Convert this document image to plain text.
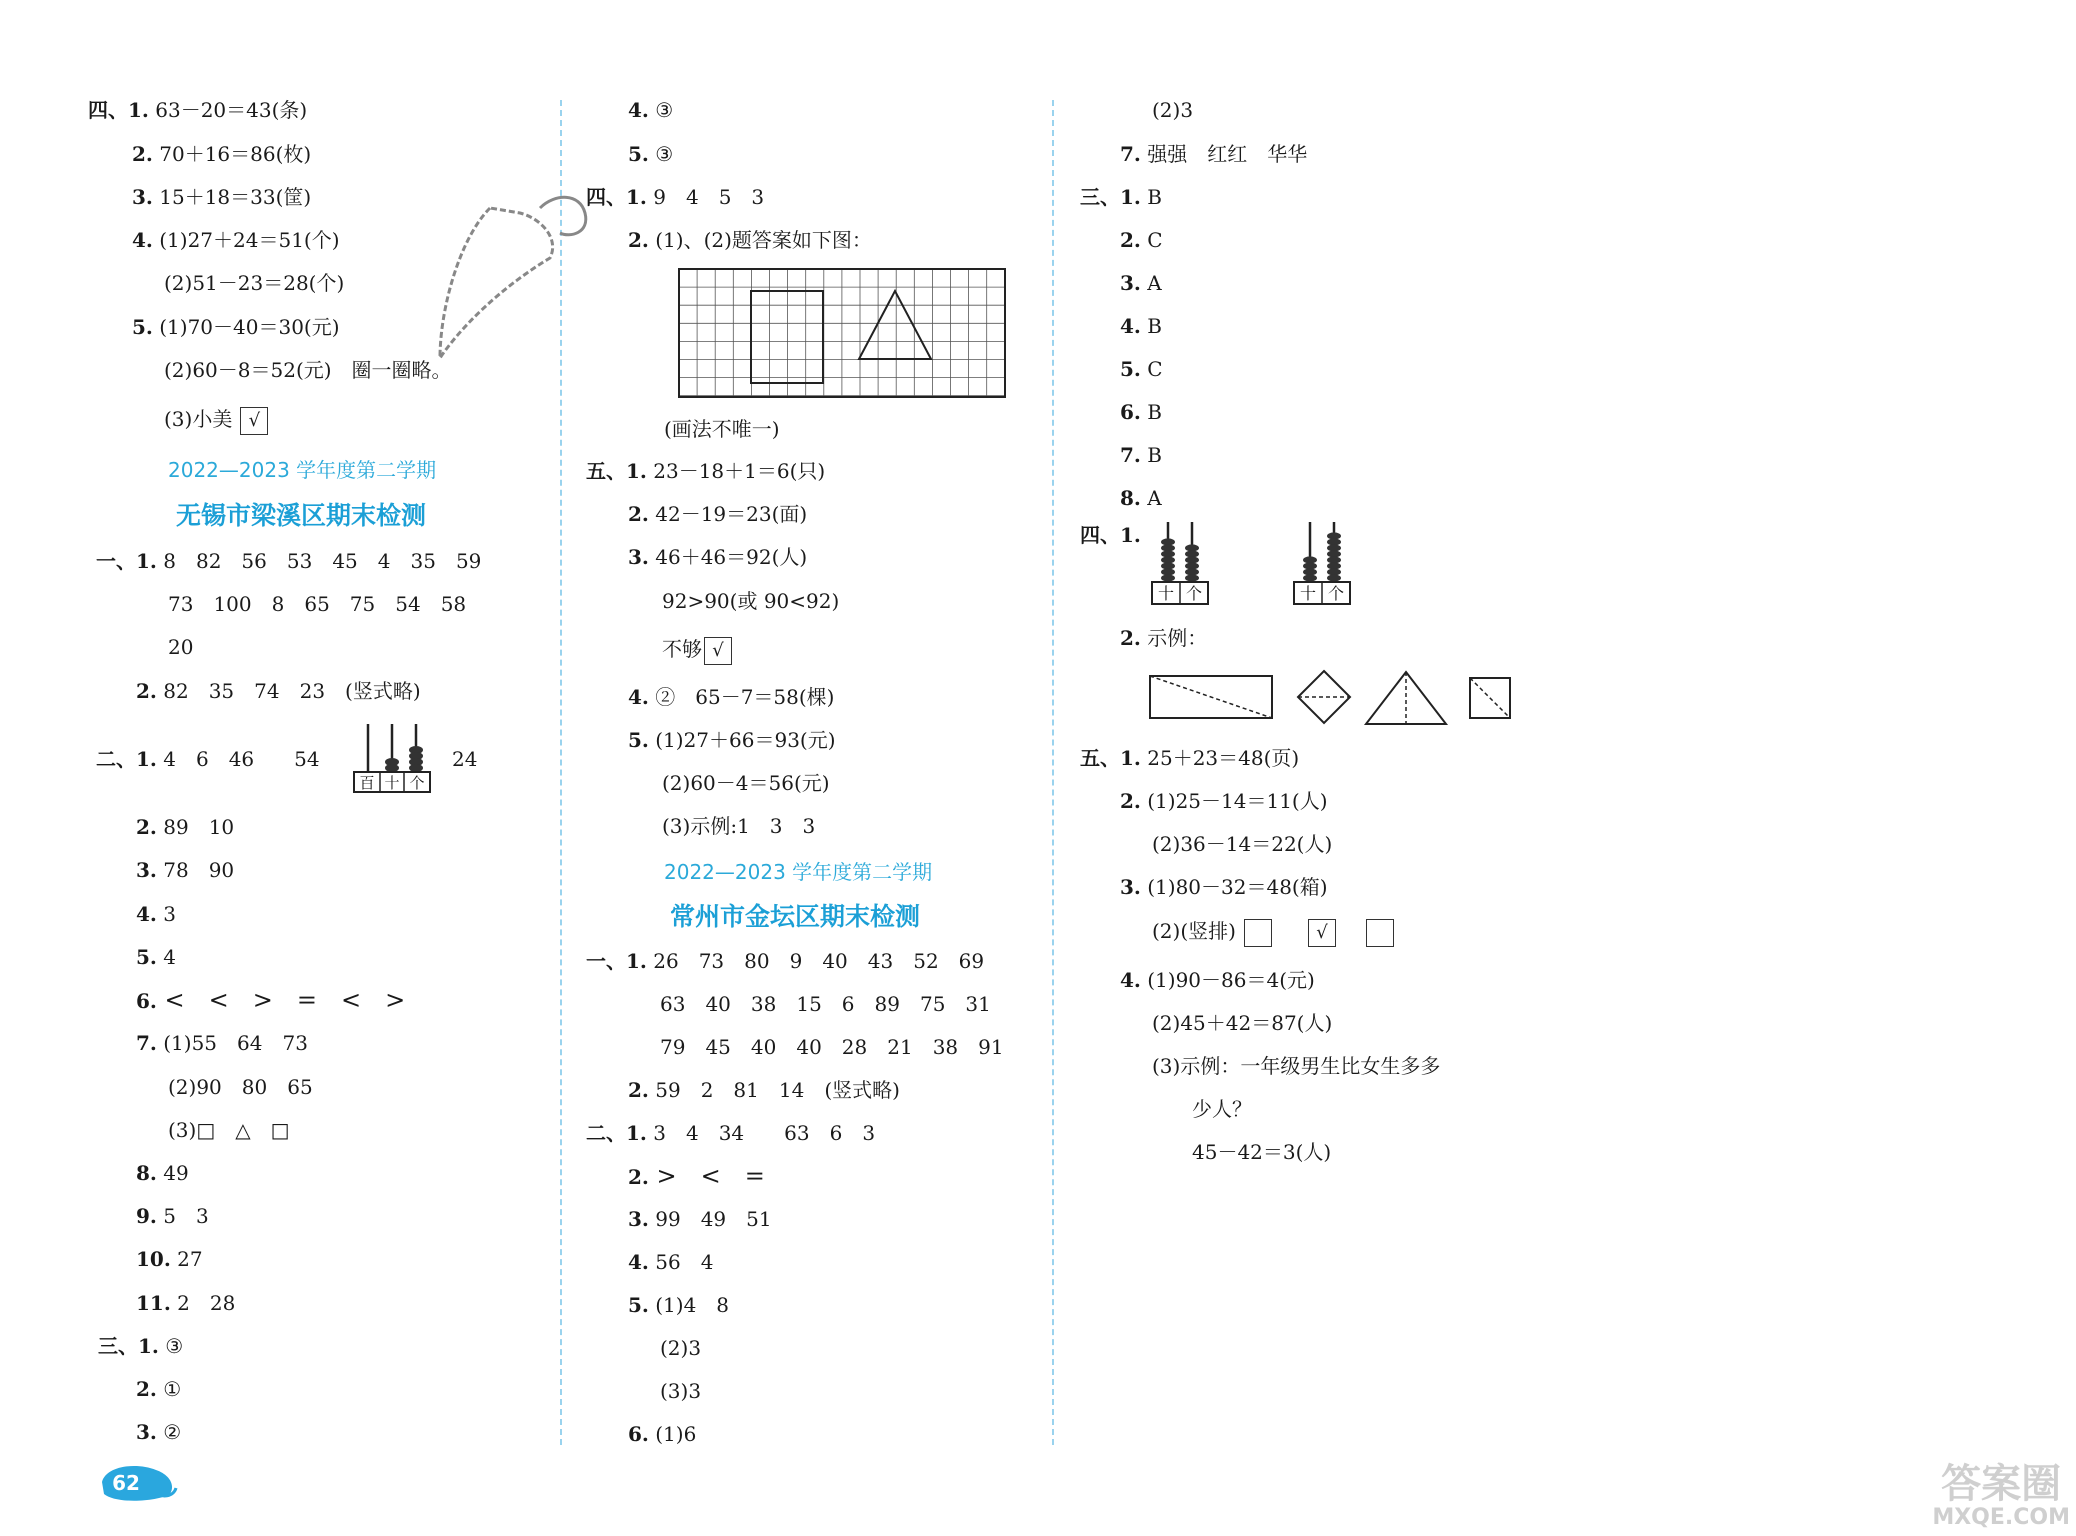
四、1. 63－20＝43(条)
2. 70＋16＝86(枚)
3. 15＋18＝33(筐)
4. (1)27＋24＝51(个)
(2)51－23＝28(个)
5. (1)70－40＝30(元)
(2)60－8＝52(元)　圈一圈略。
(3)小美 √
2022—2023 学年度第二学期
无锡市梁溪区期末检测
一、1. 8　82　56　53　45　4　35　59
73　100　8　65　75　54　58
20
2. 82　35　74　23　(竖式略)
二、1. 4　6　46　　54
百 十 个
24
2. 89　10
3. 78　90
4. 3
5. 4
6. <　<　>　=　<　>
7. (1)55　64　73
(2)90　80　65
(3)□　△　□
8. 49
9. 5　3
10. 27
11. 2　28
三、1. ③
2. ①
3. ②
4. ③
5. ③
四、1. 9　4　5　3
2. (1)、(2)题答案如下图：
(画法不唯一)
五、1. 23－18＋1＝6(只)
2. 42－19＝23(面)
3. 46＋46＝92(人)
92>90(或 90<92)
不够 √
4. ②　65－7＝58(棵)
5. (1)27＋66＝93(元)
(2)60－4＝56(元)
(3)示例:1　3　3
2022—2023 学年度第二学期
常州市金坛区期末检测
一、1. 26　73　80　9　40　43　52　69
63　40　38　15　6　89　75　31
79　45　40　40　28　21　38　91
2. 59　2　81　14　(竖式略)
二、1. 3　4　34　　63　6　3
2. >　<　=
3. 99　49　51
4. 56　4
5. (1)4　8
(2)3
(3)3
6. (1)6
(2)3
7. 强强　红红　华华
三、1. B
2. C
3. A
4. B
5. C
6. B
7. B
8. A
四、1.
十 个	十 个
2. 示例：
五、1. 25＋23＝48(页)
2. (1)25－14＝11(人)
(2)36－14＝22(人)
3. (1)80－32＝48(箱)
(2)(竖排)	√
4. (1)90－86＝4(元)
(2)45＋42＝87(人)
(3)示例：一年级男生比女生多多
少人？
45－42＝3(人)
62	答案圈
MXQE.COM
